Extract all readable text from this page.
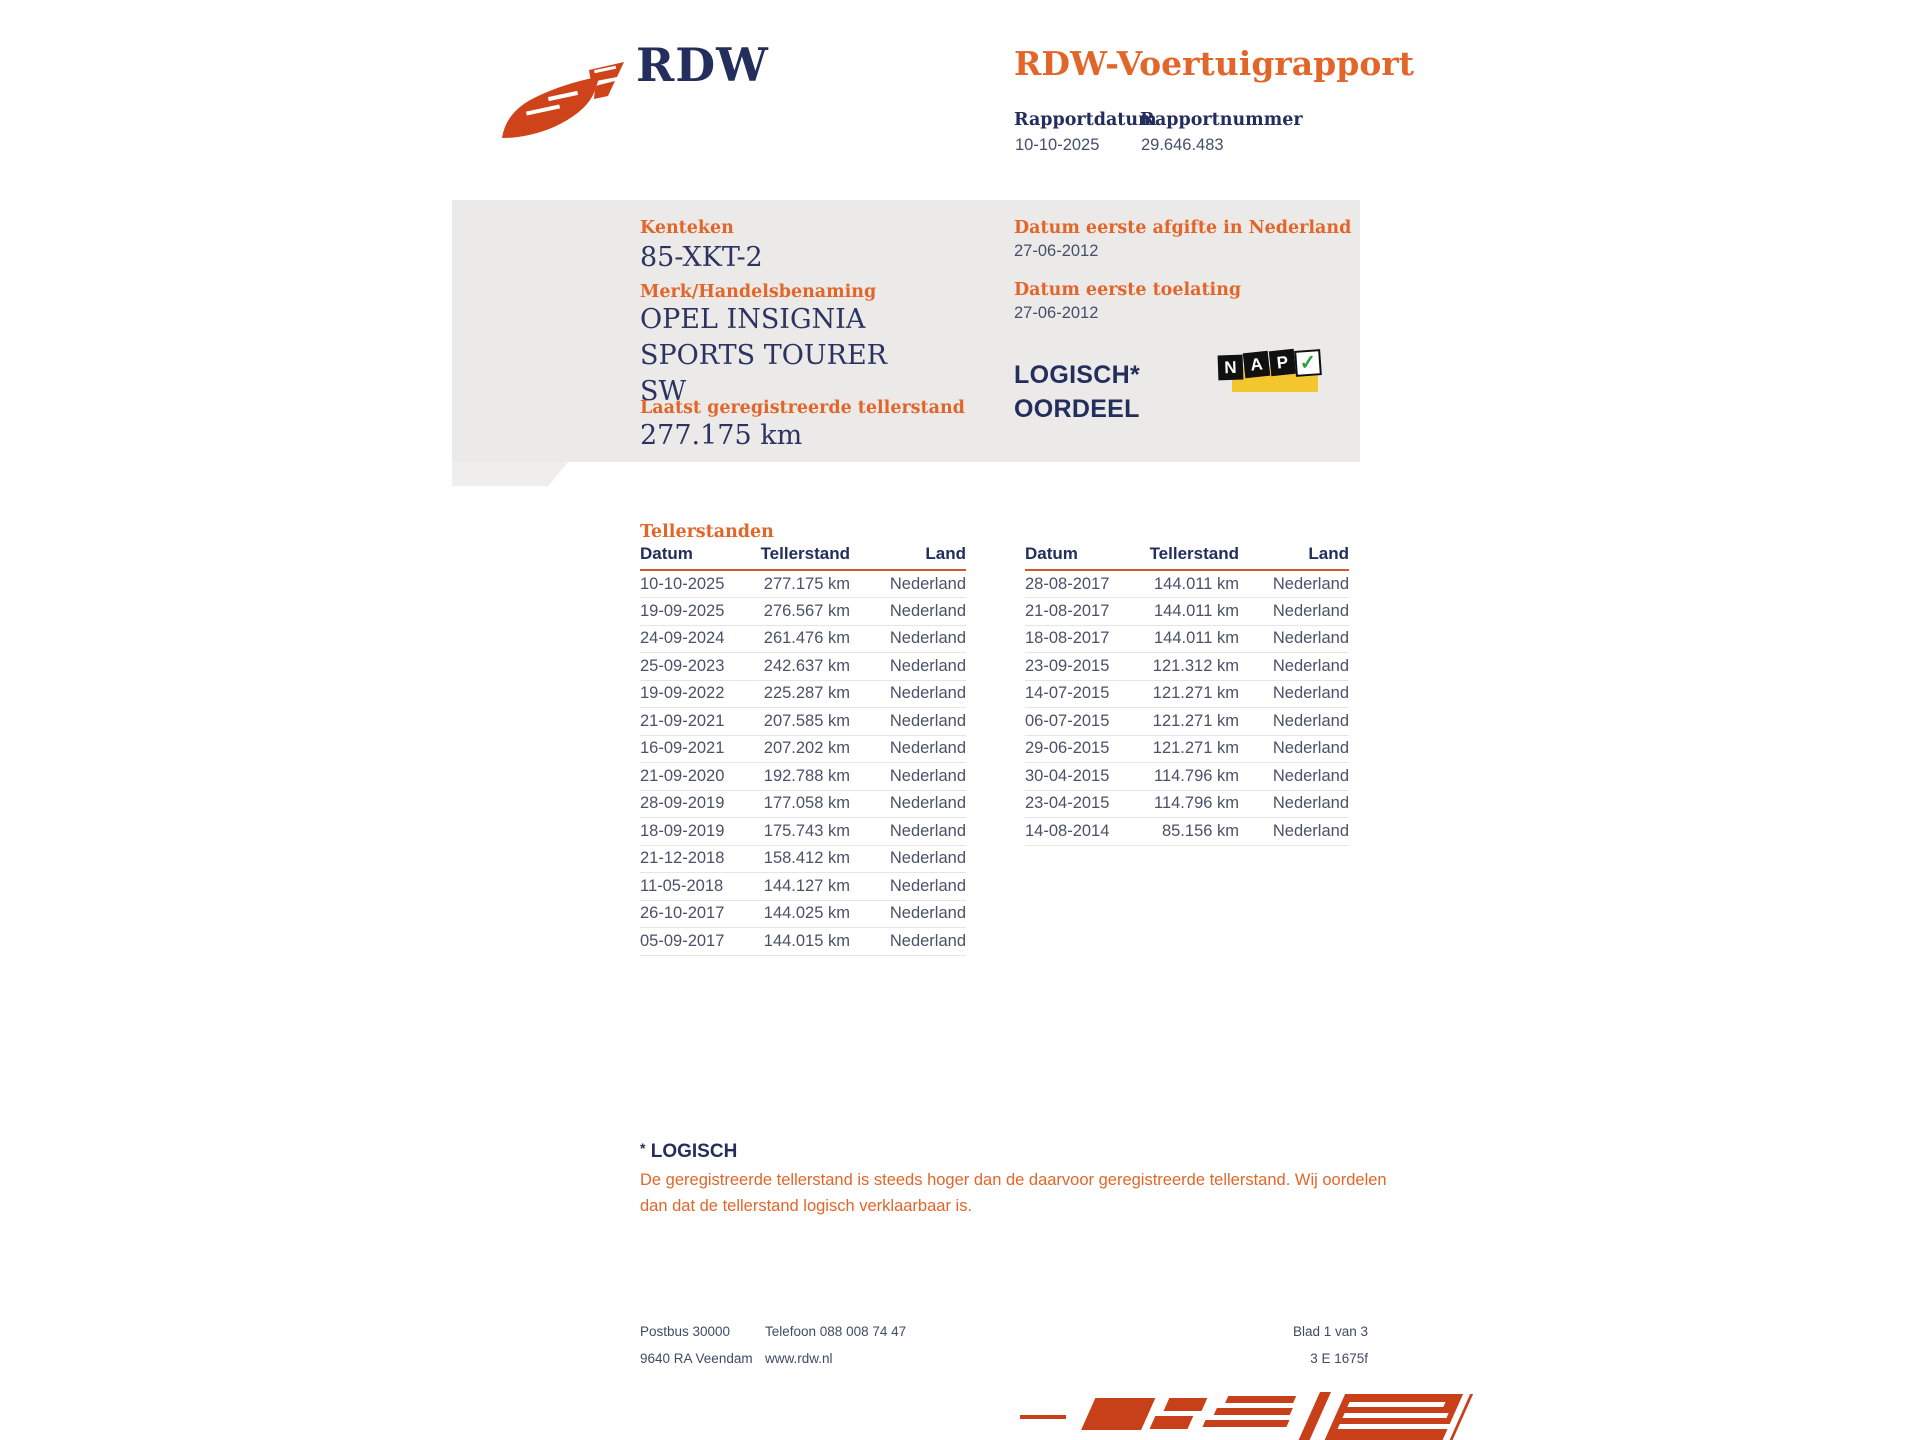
RDW	RDW-Voertuigrapport
Rapportdatum
Rapportnummer
10-10-2025	29.646.483
Kenteken
85-XKT-2
Merk/Handelsbenaming
OPEL INSIGNIA SPORTS TOURER SW
Laatst geregistreerde tellerstand
277.175 km
Datum eerste afgifte in Nederland
27-06-2012
Datum eerste toelating
27-06-2012
LOGISCH*
OORDEEL
N A P ✓
Tellerstanden
Datum	Tellerstand	Land
10-10-2025	277.175 km	Nederland
19-09-2025	276.567 km	Nederland
24-09-2024	261.476 km	Nederland
25-09-2023	242.637 km	Nederland
19-09-2022	225.287 km	Nederland
21-09-2021	207.585 km	Nederland
16-09-2021	207.202 km	Nederland
21-09-2020	192.788 km	Nederland
28-09-2019	177.058 km	Nederland
18-09-2019	175.743 km	Nederland
21-12-2018	158.412 km	Nederland
11-05-2018	144.127 km	Nederland
26-10-2017	144.025 km	Nederland
05-09-2017	144.015 km	Nederland
Datum	Tellerstand	Land
28-08-2017	144.011 km	Nederland
21-08-2017	144.011 km	Nederland
18-08-2017	144.011 km	Nederland
23-09-2015	121.312 km	Nederland
14-07-2015	121.271 km	Nederland
06-07-2015	121.271 km	Nederland
29-06-2015	121.271 km	Nederland
30-04-2015	114.796 km	Nederland
23-04-2015	114.796 km	Nederland
14-08-2014	85.156 km	Nederland
* LOGISCH
De geregistreerde tellerstand is steeds hoger dan de daarvoor geregistreerde tellerstand. Wij oordelen dan dat de tellerstand logisch verklaarbaar is.
Postbus 30000
9640 RA Veendam
Telefoon 088 008 74 47
www.rdw.nl
Blad 1 van 3
3 E 1675f
